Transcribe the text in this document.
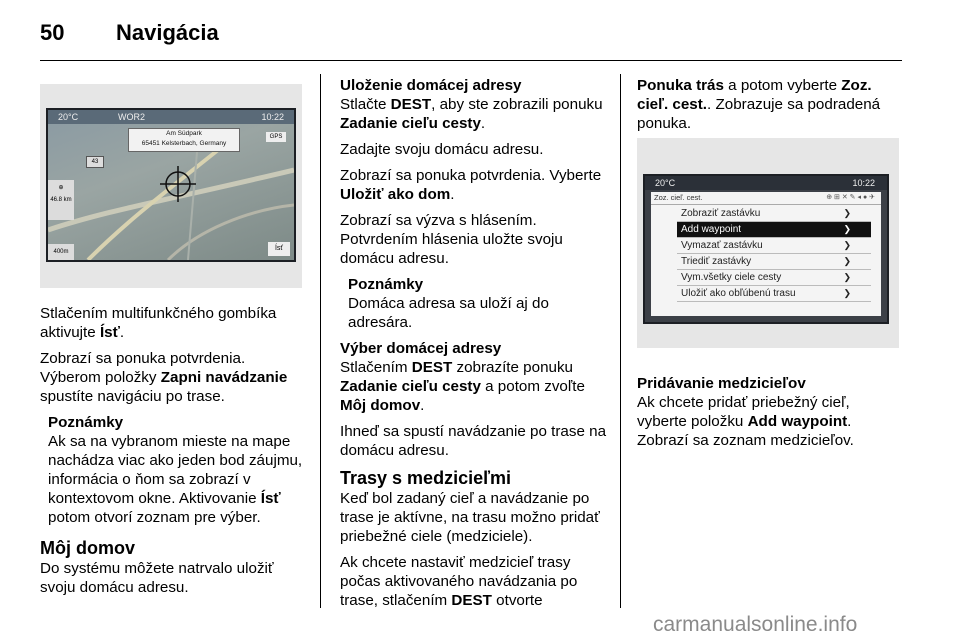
50 Navigácia
20°C	WOR2	10:22
Am Südpark
65451 Kelsterbach, Germany
GPS
43
⊕
46.8 km
400m	Ísť

Stlačením multifunkčného gombíka aktivujte Ísť.

Zobrazí sa ponuka potvrdenia. Výberom položky Zapni navádzanie spustíte navigáciu po trase.

Poznámky
Ak sa na vybranom mieste na mape nachádza viac ako jeden bod záujmu, informácia o ňom sa zobrazí v kontextovom okne. Aktivovanie Ísť potom otvorí zoznam pre výber.
Môj domov

Do systému môžete natrvalo uložiť svoju domácu adresu.

Uloženie domácej adresy

Stlačte DEST, aby ste zobrazili ponuku Zadanie cieľu cesty.

Zadajte svoju domácu adresu.

Zobrazí sa ponuka potvrdenia. Vyberte Uložiť ako dom.

Zobrazí sa výzva s hlásením. Potvrdením hlásenia uložte svoju domácu adresu.

Poznámky
Domáca adresa sa uloží aj do adresára.
Výber domácej adresy

Stlačením DEST zobrazíte ponuku Zadanie cieľu cesty a potom zvoľte Môj domov.

Ihneď sa spustí navádzanie po trase na domácu adresu.

Trasy s medzicieľmi

Keď bol zadaný cieľ a navádzanie po trase je aktívne, na trasu možno pridať priebežné ciele (medziciele).

Ak chcete nastaviť medzicieľ trasy počas aktivovaného navádzania po trase, stlačením DEST otvorte

Ponuka trás a potom vyberte Zoz. cieľ. cest.. Zobrazuje sa podradená ponuka.

20°C	10:22
Zoz. cieľ. cest.	⊕ ⊞ ✕ ✎ ◂ ● ✈
Zobraziť zastávku	❯
Add waypoint	❯
Vymazať zastávku	❯
Triediť zastávky	❯
Vym.všetky ciele cesty	❯
Uložiť ako obľúbenú trasu	❯
Pridávanie medzicieľov

Ak chcete pridať priebežný cieľ, vyberte položku Add waypoint.

Zobrazí sa zoznam medzicieľov.

carmanualsonline.info
